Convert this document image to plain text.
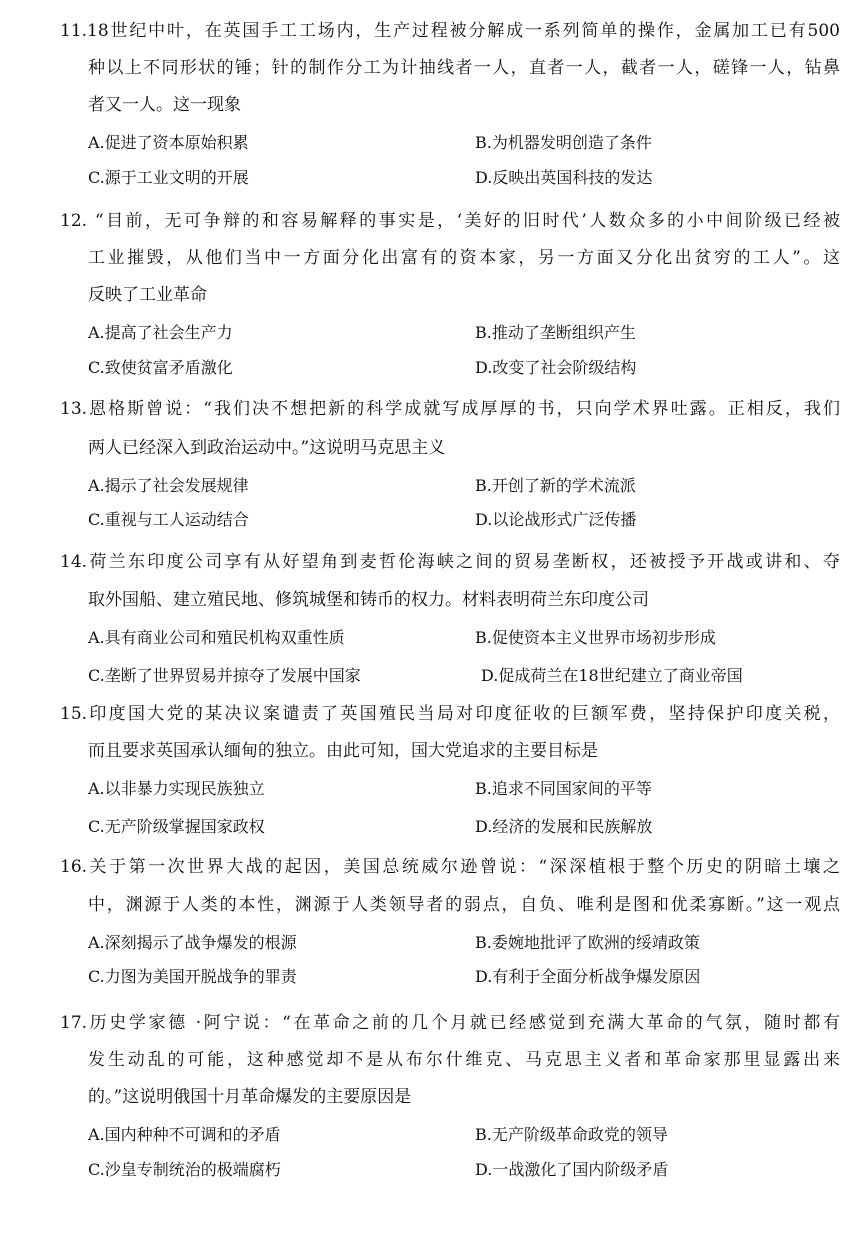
11.18世纪中叶，在英国手工工场内，生产过程被分解成一系列简单的操作，金属加工已有500
种以上不同形状的锤；针的制作分工为计抽线者一人，直者一人，截者一人，磋锋一人，钻鼻
者又一人。这一现象
A.促进了资本原始积累	B.为机器发明创造了条件
C.源于工业文明的开展	D.反映出英国科技的发达
12. “目前，无可争辩的和容易解释的事实是，‘美好的旧时代’人数众多的小中间阶级已经被
工业摧毁，从他们当中一方面分化出富有的资本家，另一方面又分化出贫穷的工人”。这
反映了工业革命
A.提高了社会生产力	B.推动了垄断组织产生
C.致使贫富矛盾激化	D.改变了社会阶级结构
13.恩格斯曾说：“我们决不想把新的科学成就写成厚厚的书，只向学术界吐露。正相反，我们
两人已经深入到政治运动中。”这说明马克思主义
A.揭示了社会发展规律	B.开创了新的学术流派
C.重视与工人运动结合	D.以论战形式广泛传播
14.荷兰东印度公司享有从好望角到麦哲伦海峡之间的贸易垄断权，还被授予开战或讲和、夺
取外国船、建立殖民地、修筑城堡和铸币的权力。材料表明荷兰东印度公司
A.具有商业公司和殖民机构双重性质	B.促使资本主义世界市场初步形成
C.垄断了世界贸易并掠夺了发展中国家	D.促成荷兰在18世纪建立了商业帝国
15.印度国大党的某决议案谴责了英国殖民当局对印度征收的巨额军费，坚持保护印度关税，
而且要求英国承认缅甸的独立。由此可知，国大党追求的主要目标是
A.以非暴力实现民族独立	B.追求不同国家间的平等
C.无产阶级掌握国家政权	D.经济的发展和民族解放
16.关于第一次世界大战的起因，美国总统威尔逊曾说：“深深植根于整个历史的阴暗土壤之
中，渊源于人类的本性，渊源于人类领导者的弱点，自负、唯利是图和优柔寡断。”这一观点
A.深刻揭示了战争爆发的根源	B.委婉地批评了欧洲的绥靖政策
C.力图为美国开脱战争的罪责	D.有利于全面分析战争爆发原因
17.历史学家德 ·阿宁说：“在革命之前的几个月就已经感觉到充满大革命的气氛，随时都有
发生动乱的可能，这种感觉却不是从布尔什维克、马克思主义者和革命家那里显露出来
的。”这说明俄国十月革命爆发的主要原因是
A.国内种种不可调和的矛盾	B.无产阶级革命政党的领导
C.沙皇专制统治的极端腐朽	D.一战激化了国内阶级矛盾
